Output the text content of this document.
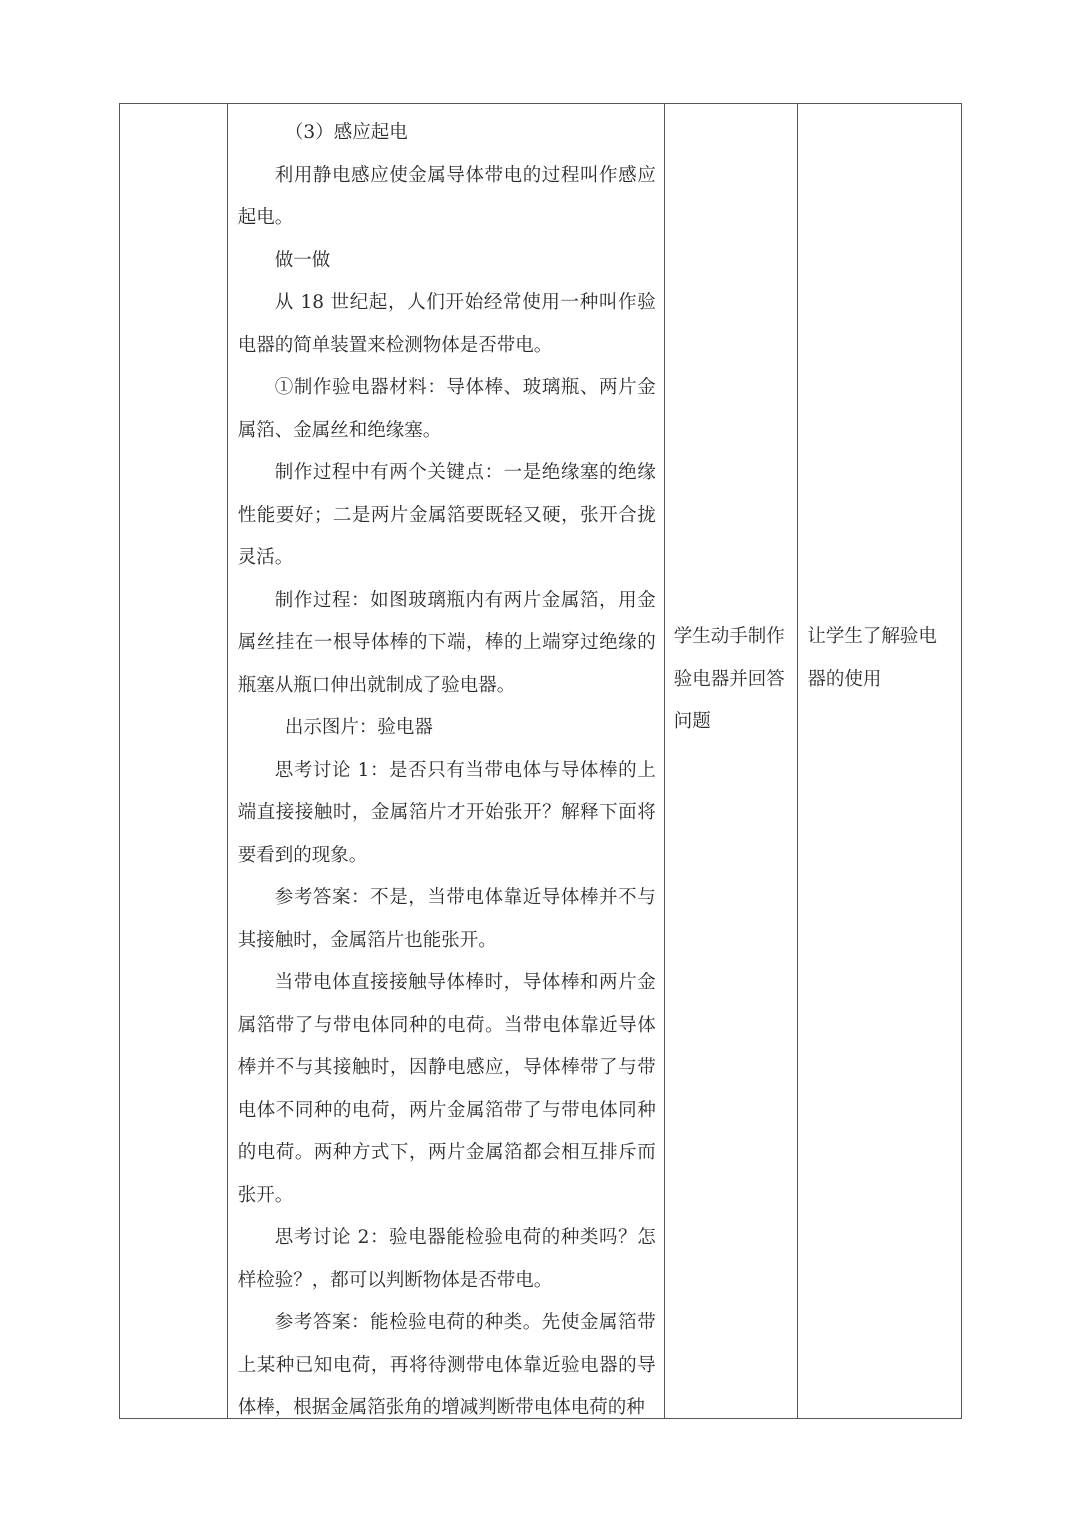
（3）感应起电

利用静电感应使金属导体带电的过程叫作感应起电。

做一做

从 18 世纪起，人们开始经常使用一种叫作验电器的简单装置来检测物体是否带电。

①制作验电器材料：导体棒、玻璃瓶、两片金属箔、金属丝和绝缘塞。

制作过程中有两个关键点：一是绝缘塞的绝缘性能要好；二是两片金属箔要既轻又硬，张开合拢灵活。

制作过程：如图玻璃瓶内有两片金属箔，用金属丝挂在一根导体棒的下端，棒的上端穿过绝缘的瓶塞从瓶口伸出就制成了验电器。

出示图片：验电器

思考讨论 1：是否只有当带电体与导体棒的上端直接接触时，金属箔片才开始张开？解释下面将要看到的现象。

参考答案：不是，当带电体靠近导体棒并不与其接触时，金属箔片也能张开。

当带电体直接接触导体棒时，导体棒和两片金属箔带了与带电体同种的电荷。当带电体靠近导体棒并不与其接触时，因静电感应，导体棒带了与带电体不同种的电荷，两片金属箔带了与带电体同种的电荷。两种方式下，两片金属箔都会相互排斥而张开。

思考讨论 2：验电器能检验电荷的种类吗？怎样检验？，都可以判断物体是否带电。

参考答案：能检验电荷的种类。先使金属箔带上某种已知电荷，再将待测带电体靠近验电器的导体棒，根据金属箔张角的增减判断带电体电荷的种

学生动手制作验电器并回答问题
让学生了解验电器的使用
